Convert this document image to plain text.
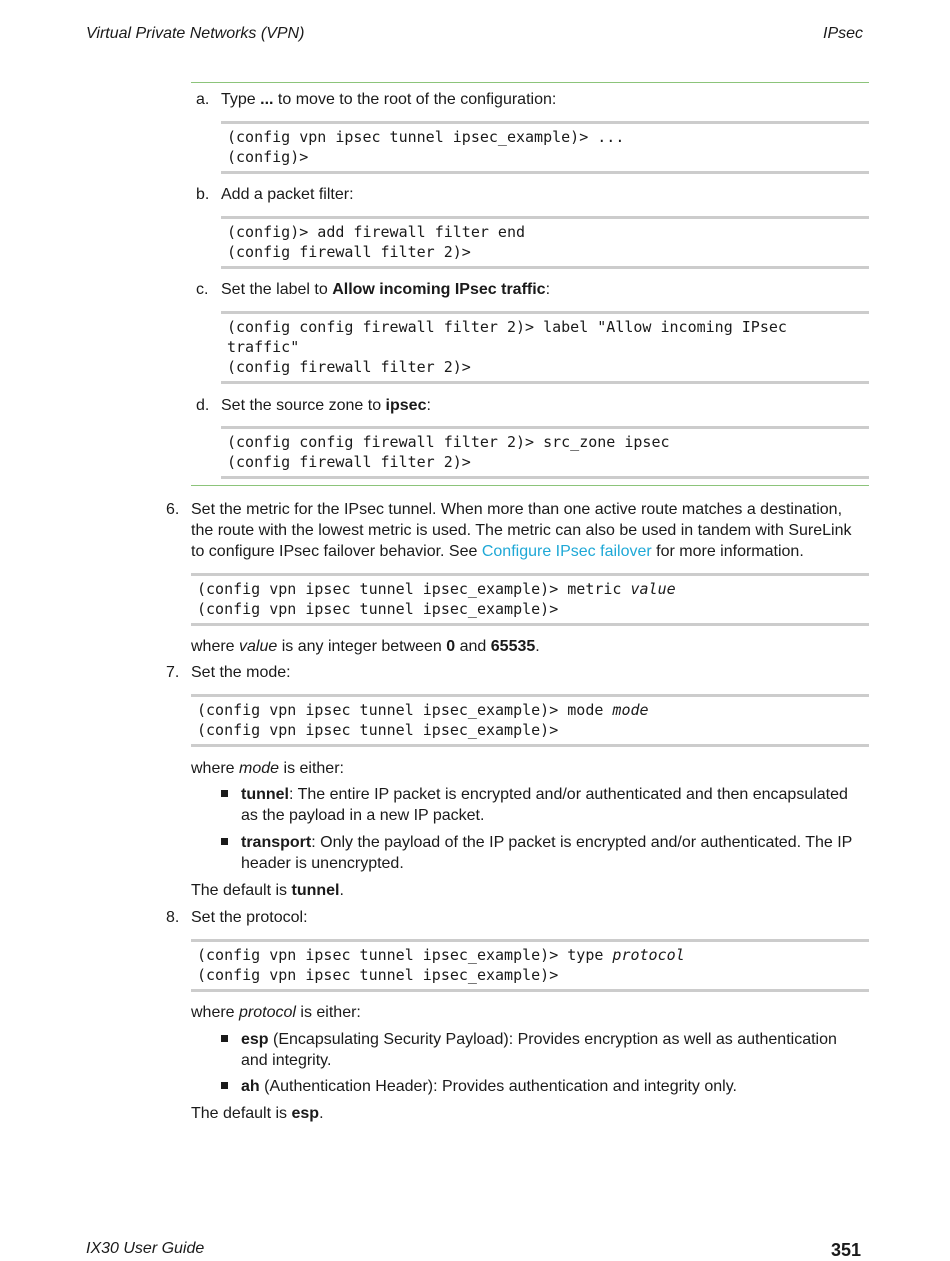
Virtual Private Networks (VPN)	IPsec
IX30 User Guide	351
a. Type ... to move to the root of the configuration:
(config vpn ipsec tunnel ipsec_example)> ...
(config)>
b. Add a packet filter:
(config)> add firewall filter end
(config firewall filter 2)>
c. Set the label to Allow incoming IPsec traffic:
(config config firewall filter 2)> label "Allow incoming IPsec
traffic"
(config firewall filter 2)>
d. Set the source zone to ipsec:
(config config firewall filter 2)> src_zone ipsec
(config firewall filter 2)>
6. Set the metric for the IPsec tunnel. When more than one active route matches a destination,
the route with the lowest metric is used. The metric can also be used in tandem with SureLink
to configure IPsec failover behavior. See Configure IPsec failover for more information.
(config vpn ipsec tunnel ipsec_example)> metric value
(config vpn ipsec tunnel ipsec_example)>
where value is any integer between 0 and 65535.
7. Set the mode:
(config vpn ipsec tunnel ipsec_example)> mode mode
(config vpn ipsec tunnel ipsec_example)>
where mode is either:
tunnel: The entire IP packet is encrypted and/or authenticated and then encapsulated
as the payload in a new IP packet.
transport: Only the payload of the IP packet is encrypted and/or authenticated. The IP
header is unencrypted.
The default is tunnel.
8. Set the protocol:
(config vpn ipsec tunnel ipsec_example)> type protocol
(config vpn ipsec tunnel ipsec_example)>
where protocol is either:
esp (Encapsulating Security Payload): Provides encryption as well as authentication
and integrity.
ah (Authentication Header): Provides authentication and integrity only.
The default is esp.
